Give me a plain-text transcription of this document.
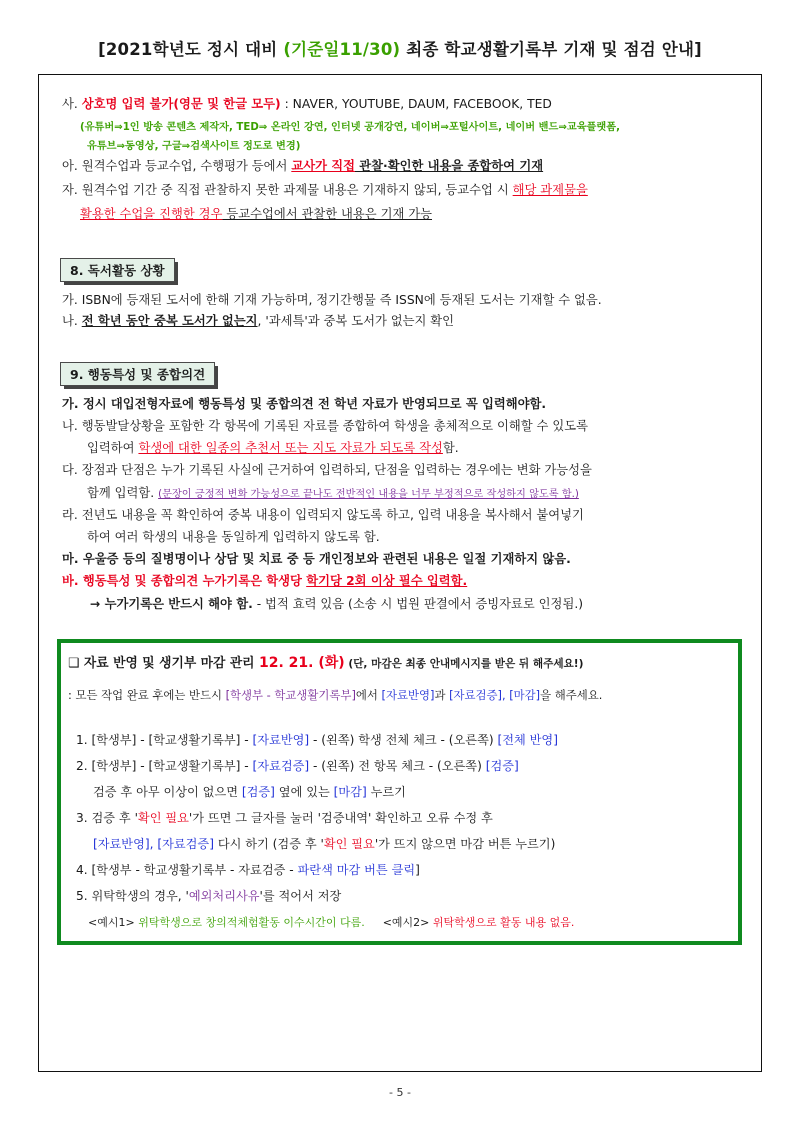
[2021학년도 정시 대비 (기준일11/30) 최종 학교생활기록부 기재 및 점검 안내]
사. 상호명 입력 불가(영문 및 한글 모두) : NAVER, YOUTUBE, DAUM, FACEBOOK, TED
(유튜버⇒1인 방송 콘텐츠 제작자, TED⇒ 온라인 강연, 인터넷 공개강연, 네이버⇒포털사이트, 네이버 밴드⇒교육플랫폼,
유튜브⇒동영상, 구글⇒검색사이트 정도로 변경)
아. 원격수업과 등교수업, 수행평가 등에서 교사가 직접 관찰·확인한 내용을 종합하여 기재
자. 원격수업 기간 중 직접 관찰하지 못한 과제물 내용은 기재하지 않되, 등교수업 시 해당 과제물을
활용한 수업을 진행한 경우 등교수업에서 관찰한 내용은 기재 가능
8. 독서활동 상황
가. ISBN에 등재된 도서에 한해 기재 가능하며, 정기간행물 즉 ISSN에 등재된 도서는 기재할 수 없음.
나. 전 학년 동안 중복 도서가 없는지, '과세특'과 중복 도서가 없는지 확인
9. 행동특성 및 종합의견
가. 정시 대입전형자료에 행동특성 및 종합의견 전 학년 자료가 반영되므로 꼭 입력해야함.
나. 행동발달상황을 포함한 각 항목에 기록된 자료를 종합하여 학생을 총체적으로 이해할 수 있도록
입력하여 학생에 대한 일종의 추천서 또는 지도 자료가 되도록 작성함.
다. 장점과 단점은 누가 기록된 사실에 근거하여 입력하되, 단점을 입력하는 경우에는 변화 가능성을
함께 입력함. (문장이 긍정적 변화 가능성으로 끝나도 전반적인 내용을 너무 부정적으로 작성하지 않도록 함.)
라. 전년도 내용을 꼭 확인하여 중복 내용이 입력되지 않도록 하고, 입력 내용을 복사해서 붙여넣기
하여 여러 학생의 내용을 동일하게 입력하지 않도록 함.
마. 우울증 등의 질병명이나 상담 및 치료 중 등 개인정보와 관련된 내용은 일절 기재하지 않음.
바. 행동특성 및 종합의견 누가기록은 학생당 학기당 2회 이상 필수 입력함.
→ 누가기록은 반드시 해야 함. - 법적 효력 있음 (소송 시 법원 판결에서 증빙자료로 인정됨.)
❑ 자료 반영 및 생기부 마감 관리 12. 21. (화) (단, 마감은 최종 안내메시지를 받은 뒤 해주세요!)
: 모든 작업 완료 후에는 반드시 [학생부 - 학교생활기록부]에서 [자료반영]과 [자료검증], [마감]을 해주세요.
1. [학생부] - [학교생활기록부] - [자료반영] - (왼쪽) 학생 전체 체크 - (오른쪽) [전체 반영]
2. [학생부] - [학교생활기록부] - [자료검증] - (왼쪽) 전 항목 체크 - (오른쪽) [검증]
검증 후 아무 이상이 없으면 [검증] 옆에 있는 [마감] 누르기
3. 검증 후 '확인 필요'가 뜨면 그 글자를 눌러 '검증내역' 확인하고 오류 수정 후
[자료반영], [자료검증] 다시 하기 (검증 후 '확인 필요'가 뜨지 않으면 마감 버튼 누르기)
4. [학생부 - 학교생활기록부 - 자료검증 - 파란색 마감 버튼 클릭]
5. 위탁학생의 경우, '예외처리사유'를 적어서 저장
<예시1> 위탁학생으로 창의적체험활동 이수시간이 다름. <예시2> 위탁학생으로 활동 내용 없음.
- 5 -
